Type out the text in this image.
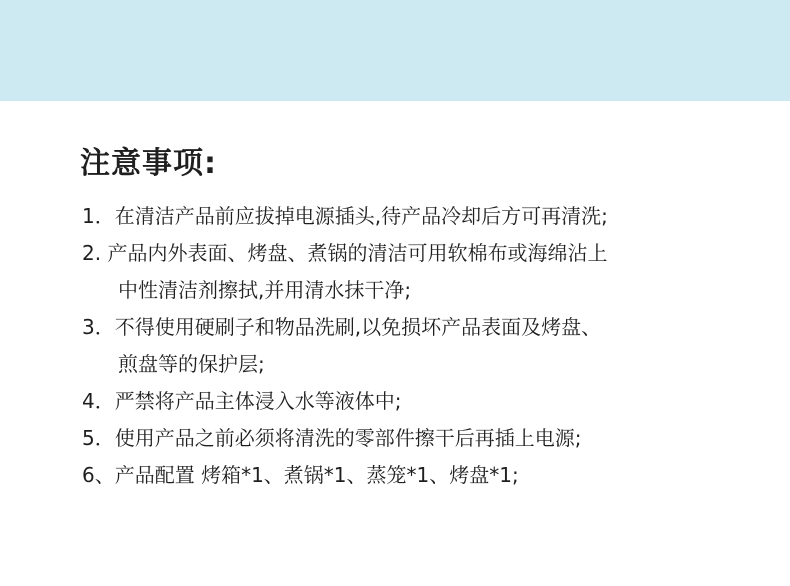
注意事项:
1．在清洁产品前应拔掉电源插头,待产品冷却后方可再清洗;
2. 产品内外表面、烤盘、煮锅的清洁可用软棉布或海绵沾上
中性清洁剂擦拭,并用清水抹干净;
3．不得使用硬刷子和物品洗刷,以免损坏产品表面及烤盘、
煎盘等的保护层;
4．严禁将产品主体浸入水等液体中;
5．使用产品之前必须将清洗的零部件擦干后再插上电源;
6、产品配置 烤箱*1、煮锅*1、蒸笼*1、烤盘*1;
